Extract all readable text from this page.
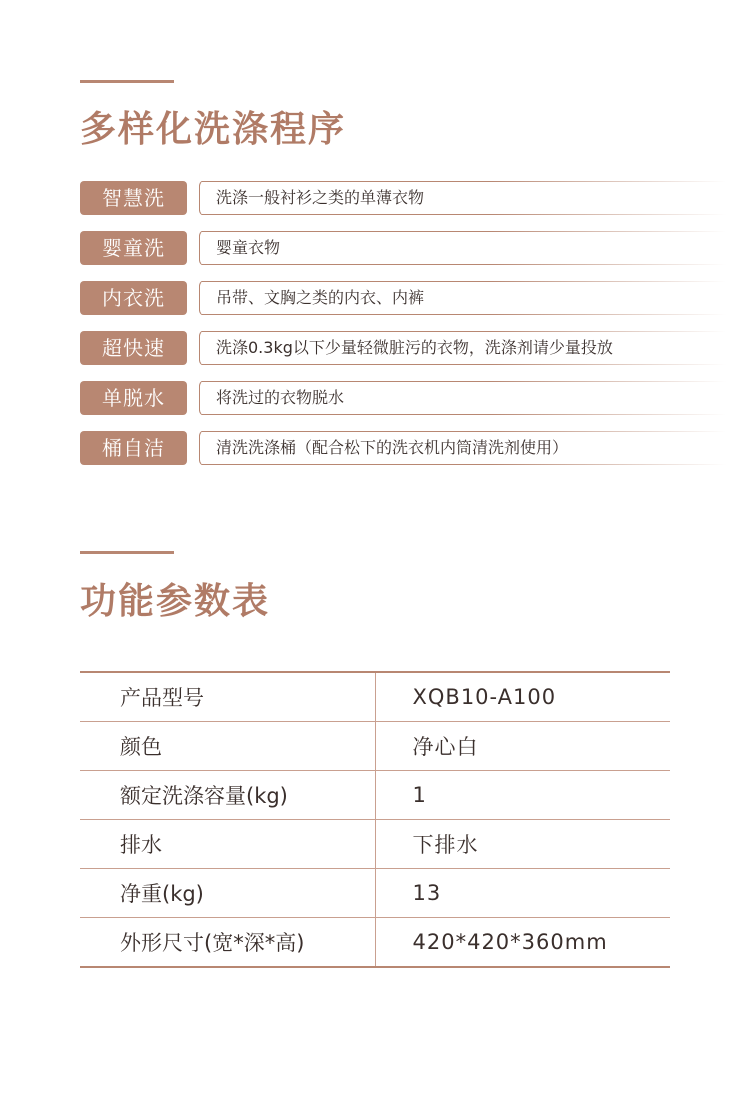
多样化洗涤程序
智慧洗	洗涤一般衬衫之类的单薄衣物
婴童洗	婴童衣物
内衣洗	吊带、文胸之类的内衣、内裤
超快速	洗涤0.3kg以下少量轻微脏污的衣物，洗涤剂请少量投放
单脱水	将洗过的衣物脱水
桶自洁	清洗洗涤桶（配合松下的洗衣机内筒清洗剂使用）
功能参数表
产品型号	XQB10-A100
颜色	净心白
额定洗涤容量(kg)	1
排水	下排水
净重(kg)	13
外形尺寸(宽*深*高)	420*420*360mm
